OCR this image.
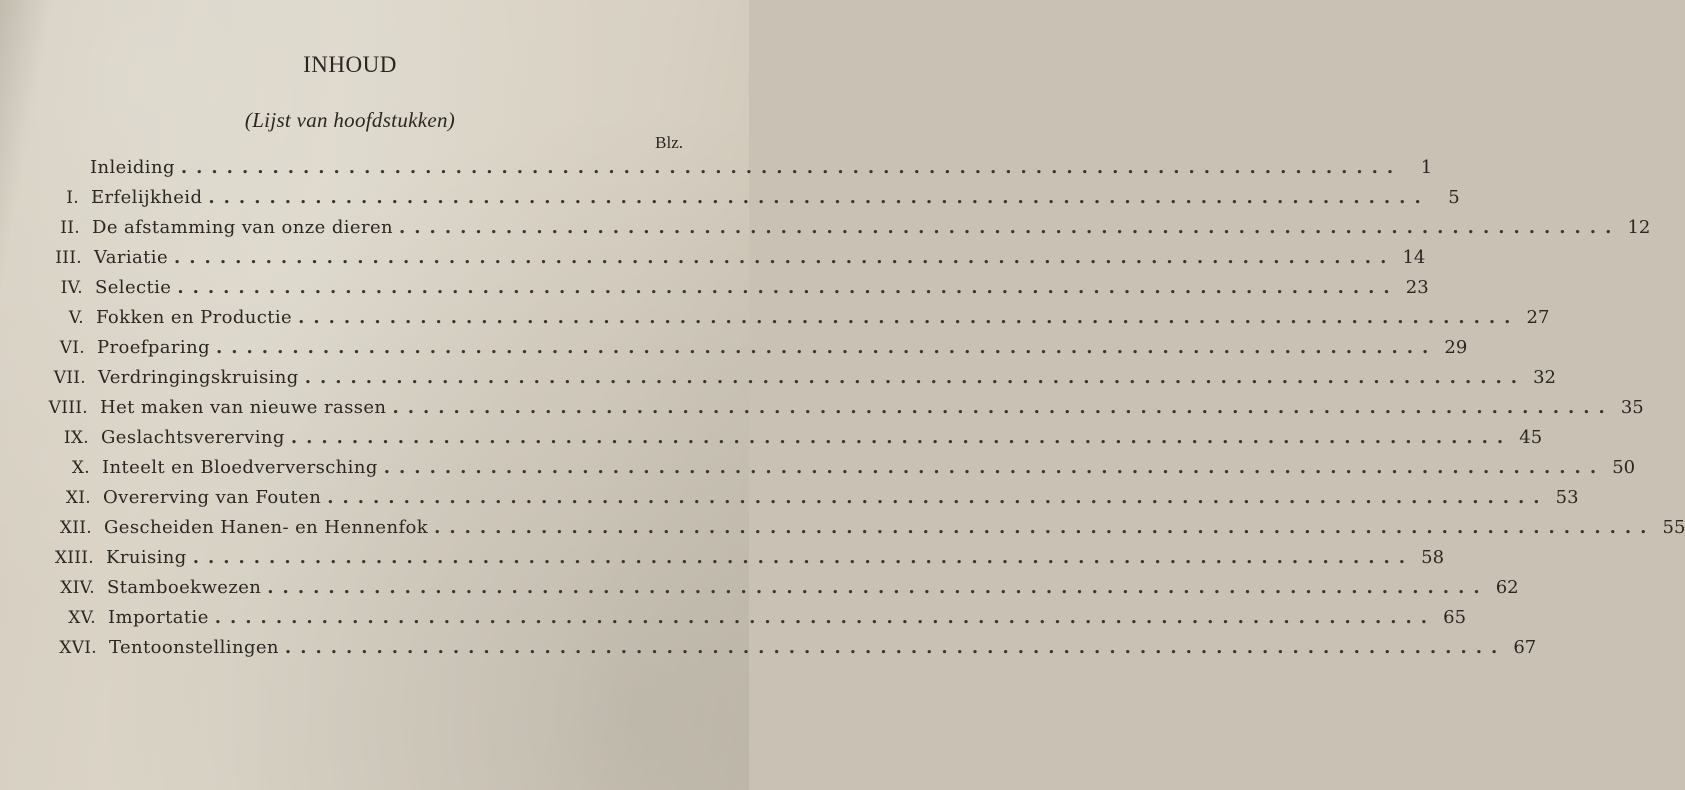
INHOUD
(Lijst van hoofdstukken)
Blz.
Inleiding ................................................................................	1
I. Erfelijkheid ................................................................................	5
II. De afstamming van onze dieren ................................................................................ 12
III. Variatie ................................................................................ 14
IV. Selectie ................................................................................ 23
V. Fokken en Productie ................................................................................ 27
VI. Proefparing ................................................................................ 29
VII. Verdringingskruising ................................................................................ 32
VIII. Het maken van nieuwe rassen ................................................................................ 35
IX. Geslachtsvererving ................................................................................ 45
X. Inteelt en Bloedverversching ................................................................................ 50
XI. Overerving van Fouten ................................................................................ 53
XII. Gescheiden Hanen- en Hennenfok ................................................................................ 55
XIII. Kruising ................................................................................ 58
XIV. Stamboekwezen ................................................................................ 62
XV. Importatie ................................................................................ 65
XVI. Tentoonstellingen ................................................................................ 67
